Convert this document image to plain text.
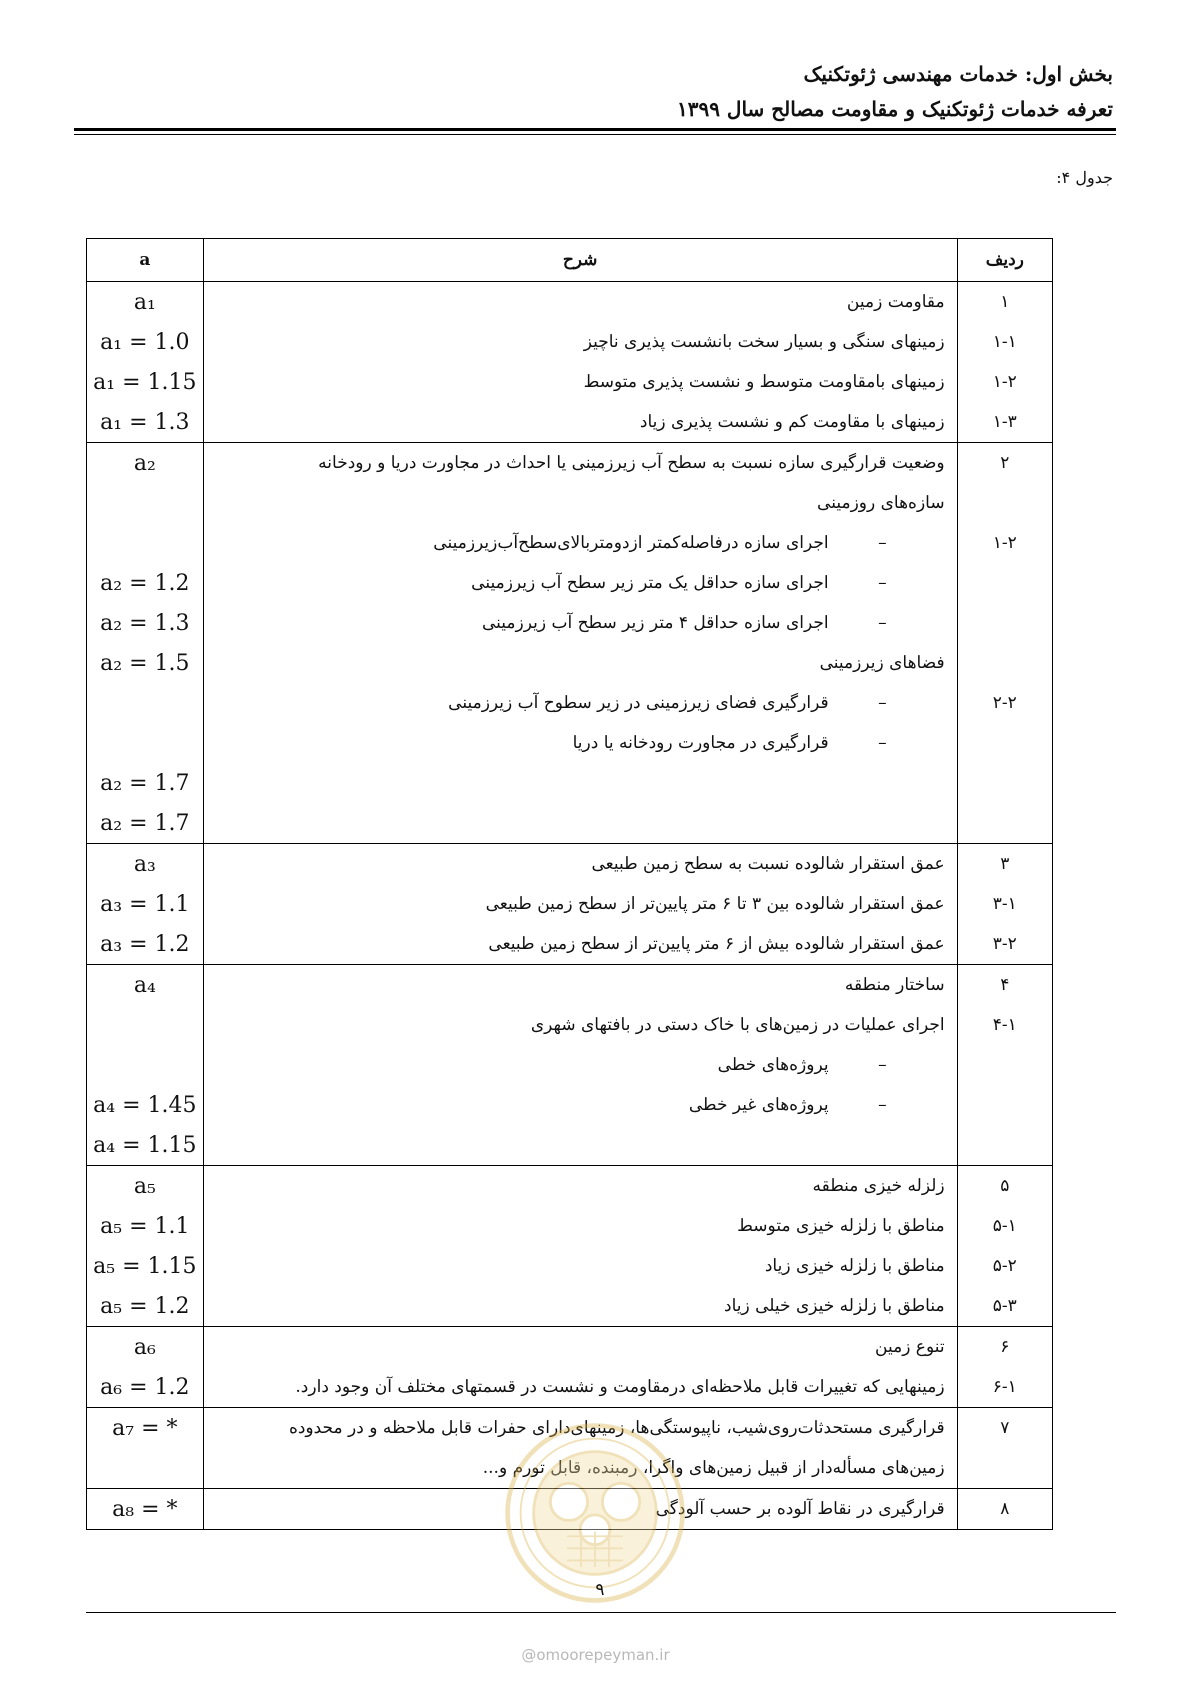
بخش اول: خدمات مهندسی ژئوتکنیک
تعرفه خدمات ژئوتکنیک و مقاومت مصالح سال ۱۳۹۹
جدول ۴:
ردیف	شرح	a
۱	مقاومت زمین	a₁
۱-۱	زمینهای سنگی و بسیار سخت بانشست پذیری ناچیز	a₁ = 1.0
۱-۲	زمینهای بامقاومت متوسط و نشست پذیری متوسط	a₁ = 1.15
۱-۳	زمینهای با مقاومت کم و نشست پذیری زیاد	a₁ = 1.3
۲	وضعیت قرارگیری سازه نسبت به سطح آب زیرزمینی یا احداث در مجاورت دریا و رودخانه	a₂
	سازه‌های روزمینی	
۱-۲	–اجرای سازه درفاصله‌کمتر ازدومتربالای‌سطح‌آب‌زیرزمینی	
	–اجرای سازه حداقل یک متر زیر سطح آب زیرزمینی	a₂ = 1.2
	–اجرای سازه حداقل ۴ متر زیر سطح آب زیرزمینی	a₂ = 1.3
	فضاهای زیرزمینی	a₂ = 1.5
۲-۲	–قرارگیری فضای زیرزمینی در زیر سطوح آب زیرزمینی	
	–قرارگیری در مجاورت رودخانه یا دریا	
		a₂ = 1.7
		a₂ = 1.7
۳	عمق استقرار شالوده نسبت به سطح زمین طبیعی	a₃
۳-۱	عمق استقرار شالوده بین ۳ تا ۶ متر پایین‌تر از سطح زمین طبیعی	a₃ = 1.1
۳-۲	عمق استقرار شالوده بیش از ۶ متر پایین‌تر از سطح زمین طبیعی	a₃ = 1.2
۴	ساختار منطقه	a₄
۴-۱	اجرای عملیات در زمین‌های با خاک دستی در بافتهای شهری	
	–پروژه‌های خطی	
	–پروژه‌های غیر خطی	a₄ = 1.45
		a₄ = 1.15
۵	زلزله خیزی منطقه	a₅
۵-۱	مناطق با زلزله خیزی متوسط	a₅ = 1.1
۵-۲	مناطق با زلزله خیزی زیاد	a₅ = 1.15
۵-۳	مناطق با زلزله خیزی خیلی زیاد	a₅ = 1.2
۶	تنوع زمین	a₆
۶-۱	زمینهایی که تغییرات قابل ملاحظه‌ای درمقاومت و نشست در قسمتهای مختلف آن وجود دارد.	a₆ = 1.2
۷	قرارگیری مستحدثات‌روی‌شیب، ناپیوستگی‌ها، زمینهای‌دارای حفرات قابل ملاحظه و در محدوده	a₇ = *
	زمین‌های مسأله‌دار از قبیل زمین‌های واگرا، رمبنده، قابل تورم و...	
۸	قرارگیری در نقاط آلوده بر حسب آلودگی	a₈ = *
۹
@omoorepeyman.ir
